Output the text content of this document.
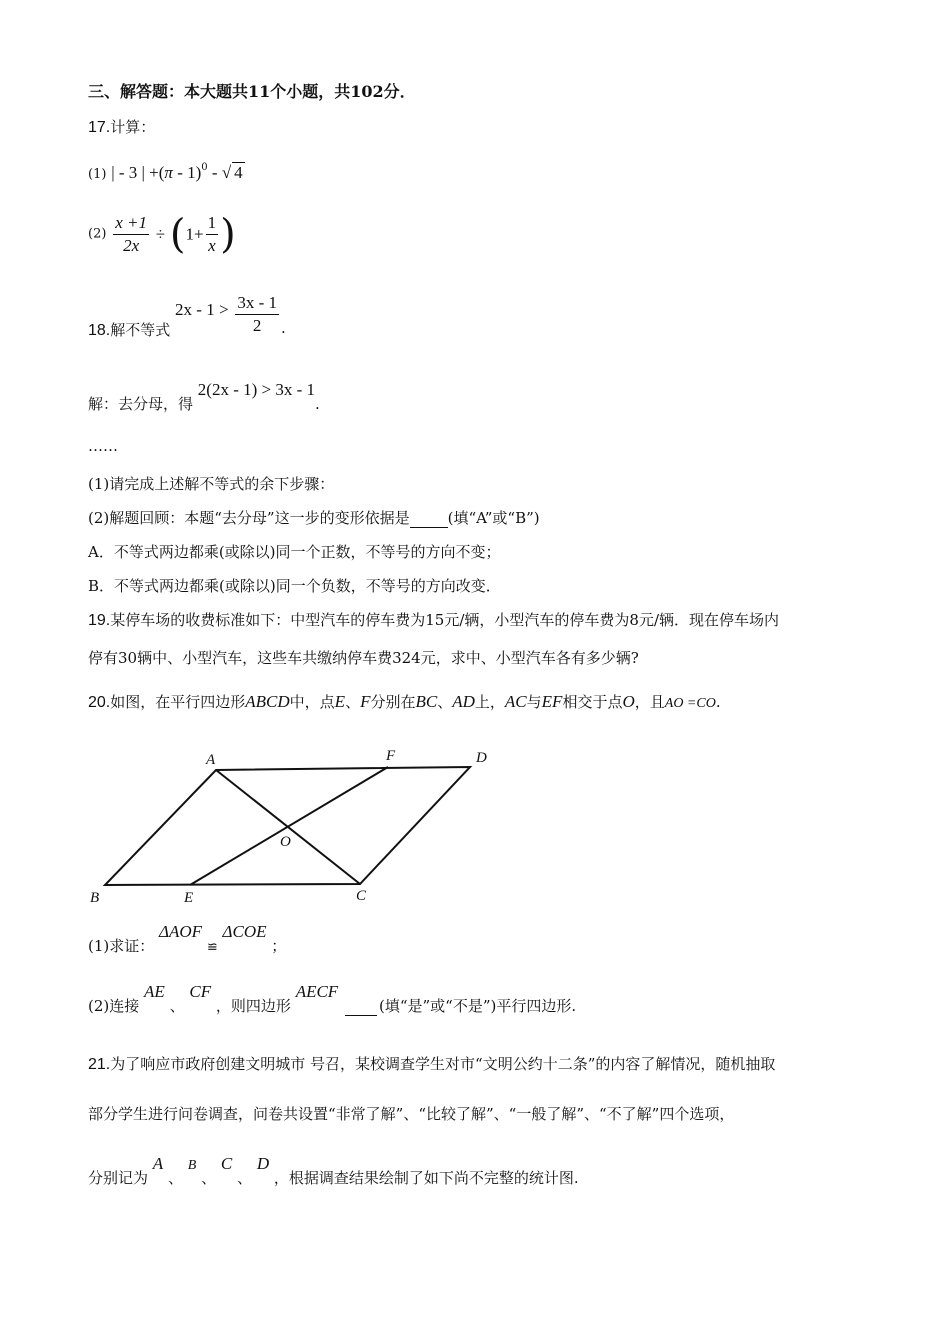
三、解答题：本大题共11个小题，共102分．
17.计算：
(1) | - 3 | +(π - 1)$^0$ - √ 4
$(2) \frac{x +1}{2x} \div (1+ \frac{1}{x}$ )
18.解不等式 $2x - 1 > \frac{3x - 1}{2}$ .
解：去分母，得 2(2x - 1) > 3x - 1.
……
(1)请完成上述解不等式的余下步骤：
(2)解题回顾：本题“去分母”这一步的变形依据是	(填“A”或“B”)
A．不等式两边都乘(或除以)同一个正数，不等号的方向不变；
B．不等式两边都乘(或除以)同一个负数，不等号的方向改变．
19.某停车场的收费标准如下：中型汽车的停车费为15元/辆，小型汽车的停车费为8元/辆．现在停车场内
停有30辆中、小型汽车，这些车共缴纳停车费324元，求中、小型汽车各有多少辆?
20.如图，在平行四边形ABCD中，点E、F分别在BC、AD上，AC与EF相交于点O，且AO =CO.
A	F	D
O
B	E	C
(1)求证： ΔAOF ≌ ΔCOE ；
(2)连接 AE 、 CF ，则四边形 AECF (填“是”或“不是”)平行四边形.
21.为了响应市政府创建文明城市 号召，某校调查学生对市“文明公约十二条”的内容了解情况，随机抽取
部分学生进行问卷调查，问卷共设置“非常了解”、“比较了解”、“一般了解”、“不了解”四个选项，
分别记为 A 、 B 、 C 、 D ，根据调查结果绘制了如下尚不完整的统计图.
